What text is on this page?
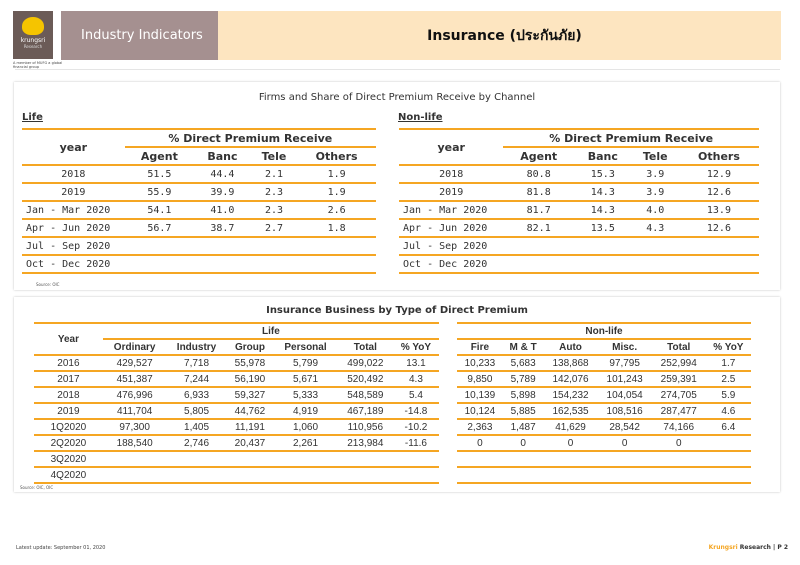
krungsri
Research
A member of MUFG a global financial group
Industry Indicators	Insurance (ประกันภัย)
Firms and Share of Direct Premium Receive by Channel
Life	Non-life
year	% Direct Premium Receive			
	Agent	Banc	Tele	Others
2018	51.5	44.4	2.1	1.9
2019	55.9	39.9	2.3	1.9
Jan - Mar 2020	54.1	41.0	2.3	2.6
Apr - Jun 2020	56.7	38.7	2.7	1.8
Jul - Sep 2020				
Oct - Dec 2020				
year	% Direct Premium Receive			
	Agent	Banc	Tele	Others
2018	80.8	15.3	3.9	12.9
2019	81.8	14.3	3.9	12.6
Jan - Mar 2020	81.7	14.3	4.0	13.9
Apr - Jun 2020	82.1	13.5	4.3	12.6
Jul - Sep 2020				
Oct - Dec 2020				
Source: OIC
Insurance Business by Type of Direct Premium
Year	Life					
	Ordinary	Industry	Group	Personal	Total	% YoY
2016	429,527	7,718	55,978	5,799	499,022	13.1
2017	451,387	7,244	56,190	5,671	520,492	4.3
2018	476,996	6,933	59,327	5,333	548,589	5.4
2019	411,704	5,805	44,762	4,919	467,189	-14.8
1Q2020	97,300	1,405	11,191	1,060	110,956	-10.2
2Q2020	188,540	2,746	20,437	2,261	213,984	-11.6
3Q2020						
4Q2020						
Non-life					
Fire	M & T	Auto	Misc.	Total	% YoY
10,233	5,683	138,868	97,795	252,994	1.7
9,850	5,789	142,076	101,243	259,391	2.5
10,139	5,898	154,232	104,054	274,705	5.9
10,124	5,885	162,535	108,516	287,477	4.6
2,363	1,487	41,629	28,542	74,166	6.4
0	0	0	0	0	

Source: OIC, OIC
Latest update: September 01, 2020	Krungsri Research | P 2
